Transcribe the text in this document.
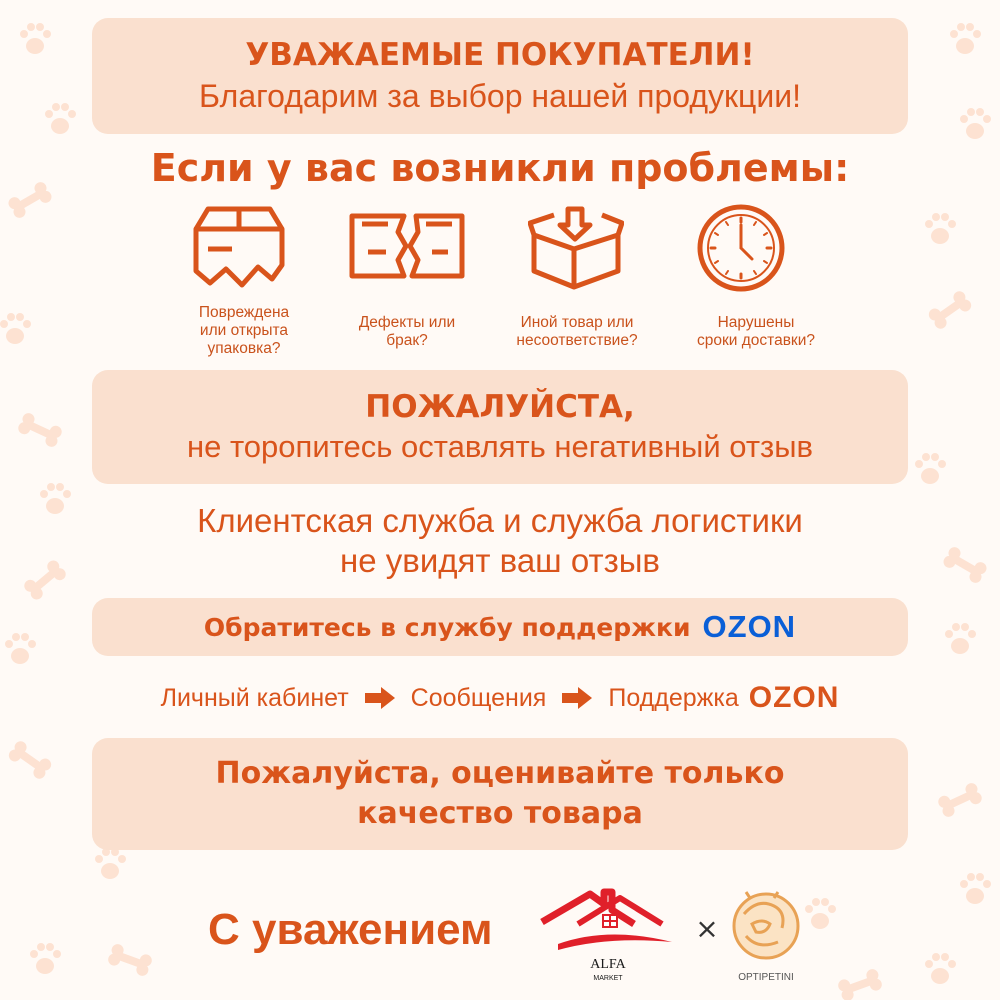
УВАЖАЕМЫЕ ПОКУПАТЕЛИ!
Благодарим за выбор нашей продукции!
Если у вас возникли проблемы:
Повреждена
или открыта
упаковка?
Дефекты или
брак?
Иной товар или
несоответствие?
Нарушены
сроки доставки?
ПОЖАЛУЙСТА,
не торопитесь оставлять негативный отзыв
Клиентская служба и служба логистики
не увидят ваш отзыв
Обратитесь в службу поддержки OZON
Личный кабинет Сообщения Поддержка OZON
Пожалуйста, оценивайте только
качество товара
С уважением
ALFA
MARKET
×
OPTIPETINI
